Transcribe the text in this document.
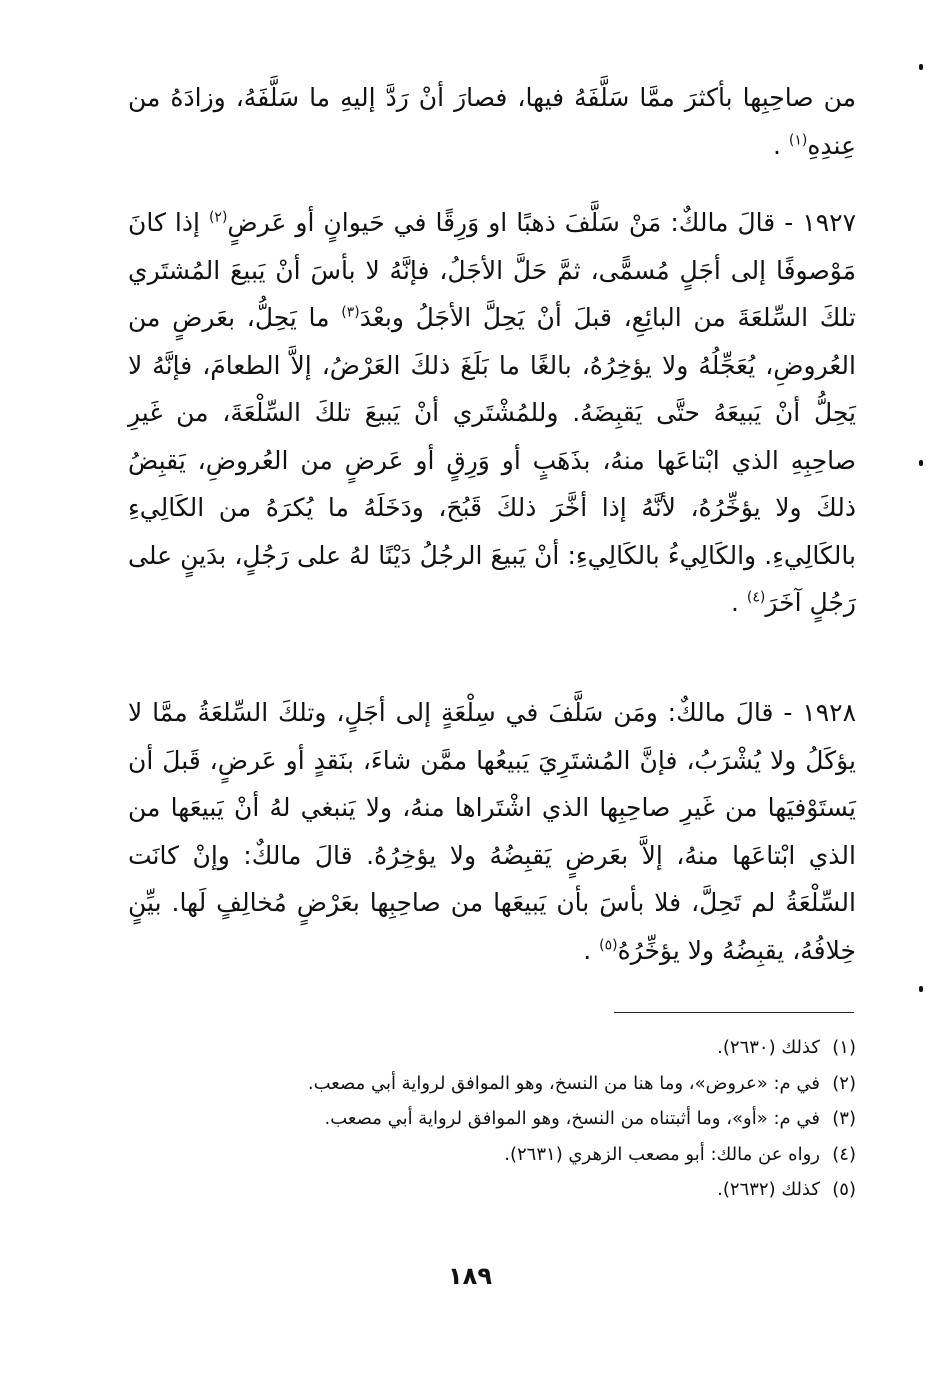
من صاحِبِها بأكثرَ ممَّا سَلَّفَهُ فيها، فصارَ أنْ رَدَّ إليهِ ما سَلَّفَهُ، وزادَهُ من عِندِهِ$^{(١)}$ .

١٩٢٧ - قالَ مالكٌ: مَنْ سَلَّفَ ذهبًا او وَرِقًا في حَيوانٍ أو عَرضٍ$^{(٢)}$ إذا كانَ مَوْصوفًا إلى أجَلٍ مُسمًّى، ثمَّ حَلَّ الأجَلُ، فإنَّهُ لا بأسَ أنْ يَبيعَ المُشتَري تلكَ السِّلعَةَ من البائِعِ، قبلَ أنْ يَحِلَّ الأجَلُ وبعْدَ$^{(٣)}$ ما يَحِلُّ، بعَرضٍ من العُروضِ، يُعَجِّلُهُ ولا يؤخِرُهُ، بالغًا ما بَلَغَ ذلكَ العَرْضُ، إلاَّ الطعامَ، فإنَّهُ لا يَحِلُّ أنْ يَبيعَهُ حتَّى يَقبِضَهُ. وللمُشْتَري أنْ يَبيعَ تلكَ السِّلْعَةَ، من غَيرِ صاحِبِهِ الذي ابْتاعَها منهُ، بذَهَبٍ أو وَرِقٍ أو عَرضٍ من العُروضِ، يَقبِضُ ذلكَ ولا يؤخِّرُهُ، لأنَّهُ إذا أخَّرَ ذلكَ قَبُحَ، ودَخَلَهُ ما يُكرَهُ من الكَالِيءِ بالكَالِيءِ. والكَالِيءُ بالكَالِيءِ: أنْ يَبيعَ الرجُلُ دَيْنًا لهُ على رَجُلٍ، بدَينٍ على رَجُلٍ آخَرَ$^{(٤)}$ .

١٩٢٨ - قالَ مالكٌ: ومَن سَلَّفَ في سِلْعَةٍ إلى أجَلٍ، وتلكَ السِّلعَةُ ممَّا لا يؤكَلُ ولا يُشْرَبُ، فإنَّ المُشتَرِيَ يَبيعُها ممَّن شاءَ، بنَقدٍ أو عَرضٍ، قَبلَ أن يَستَوْفيَها من غَيرِ صاحِبِها الذي اشْتَراها منهُ، ولا يَنبغي لهُ أنْ يَبيعَها من الذي ابْتاعَها منهُ، إلاَّ بعَرضٍ يَقبِضُهُ ولا يؤخِرُهُ. قالَ مالكٌ: وإنْ كانَت السِّلْعَةُ لم تَحِلَّ، فلا بأسَ بأن يَبيعَها من صاحِبِها بعَرْضٍ مُخالِفٍ لَها. بيِّنٍ خِلافُهُ، يقبِضُهُ ولا يؤخِّرُهُ$^{(٥)}$ .

(١)كذلك (٢٦٣٠).
(٢)في م: «عروض»، وما هنا من النسخ، وهو الموافق لرواية أبي مصعب.
(٣)في م: «أو»، وما أثبتناه من النسخ، وهو الموافق لرواية أبي مصعب.
(٤)رواه عن مالك: أبو مصعب الزهري (٢٦٣١).
(٥)كذلك (٢٦٣٢).
١٨٩
